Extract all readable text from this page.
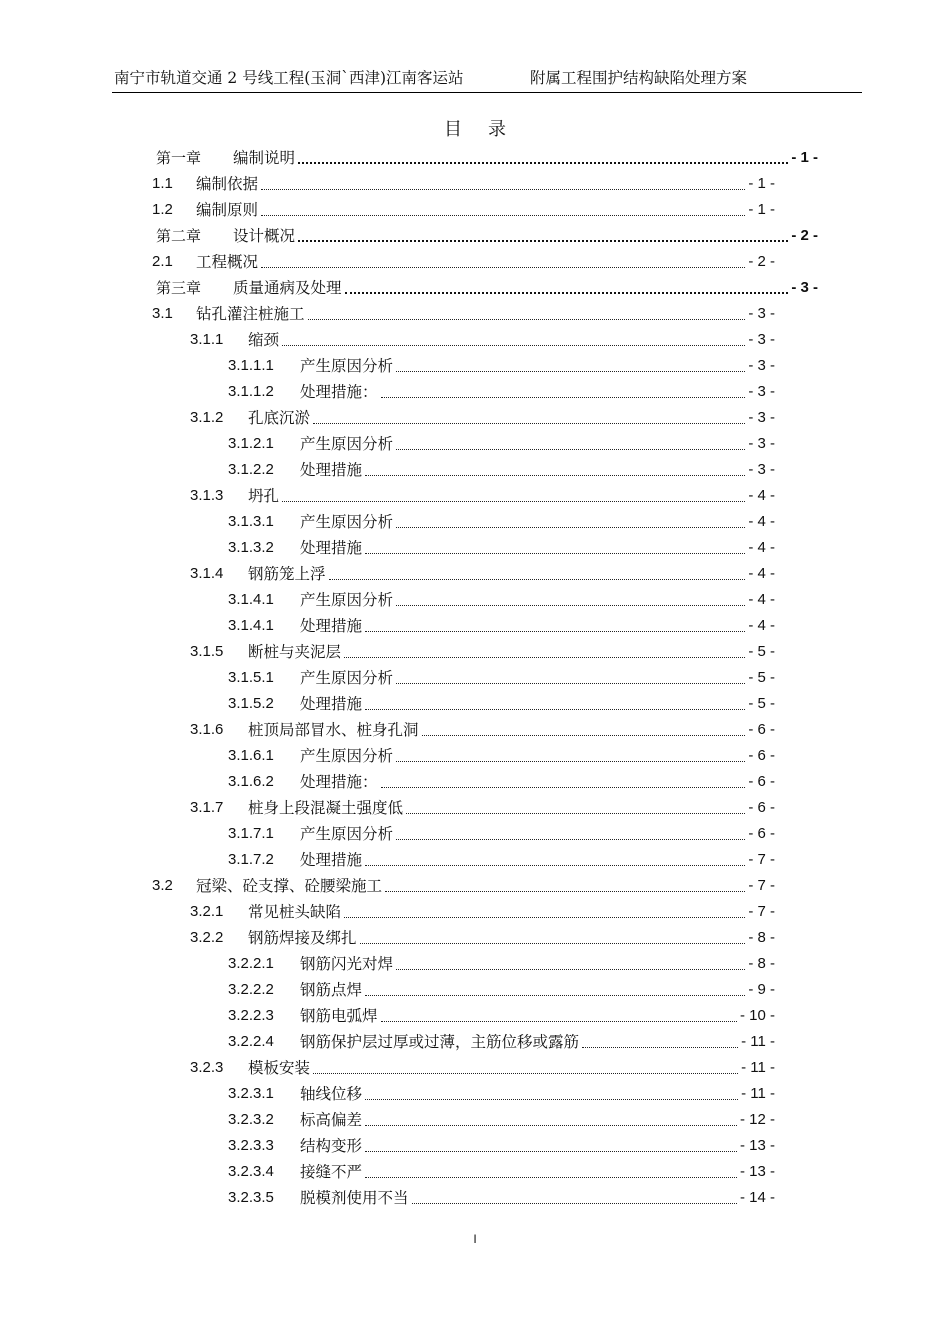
南宁市轨道交通 2 号线工程(玉洞`西津)江南客运站	附属工程围护结构缺陷处理方案
目 录
第一章	编制说明	- 1 -
1.1	编制依据	- 1 -
1.2	编制原则	- 1 -
第二章	设计概况	- 2 -
2.1	工程概况	- 2 -
第三章	质量通病及处理	- 3 -
3.1	钻孔灌注桩施工	- 3 -
3.1.1	缩颈	- 3 -
3.1.1.1	产生原因分析	- 3 -
3.1.1.2	处理措施：	- 3 -
3.1.2	孔底沉淤	- 3 -
3.1.2.1	产生原因分析	- 3 -
3.1.2.2	处理措施	- 3 -
3.1.3	坍孔	- 4 -
3.1.3.1	产生原因分析	- 4 -
3.1.3.2	处理措施	- 4 -
3.1.4	钢筋笼上浮	- 4 -
3.1.4.1	产生原因分析	- 4 -
3.1.4.1	处理措施	- 4 -
3.1.5	断桩与夹泥层	- 5 -
3.1.5.1	产生原因分析	- 5 -
3.1.5.2	处理措施	- 5 -
3.1.6	桩顶局部冒水、桩身孔洞	- 6 -
3.1.6.1	产生原因分析	- 6 -
3.1.6.2	处理措施：	- 6 -
3.1.7	桩身上段混凝土强度低	- 6 -
3.1.7.1	产生原因分析	- 6 -
3.1.7.2	处理措施	- 7 -
3.2	冠梁、砼支撑、砼腰梁施工	- 7 -
3.2.1	常见桩头缺陷	- 7 -
3.2.2	钢筋焊接及绑扎	- 8 -
3.2.2.1	钢筋闪光对焊	- 8 -
3.2.2.2	钢筋点焊	- 9 -
3.2.2.3	钢筋电弧焊	- 10 -
3.2.2.4	钢筋保护层过厚或过薄，主筋位移或露筋	- 11 -
3.2.3	模板安装	- 11 -
3.2.3.1	轴线位移	- 11 -
3.2.3.2	标高偏差	- 12 -
3.2.3.3	结构变形	- 13 -
3.2.3.4	接缝不严	- 13 -
3.2.3.5	脱模剂使用不当	- 14 -
I
